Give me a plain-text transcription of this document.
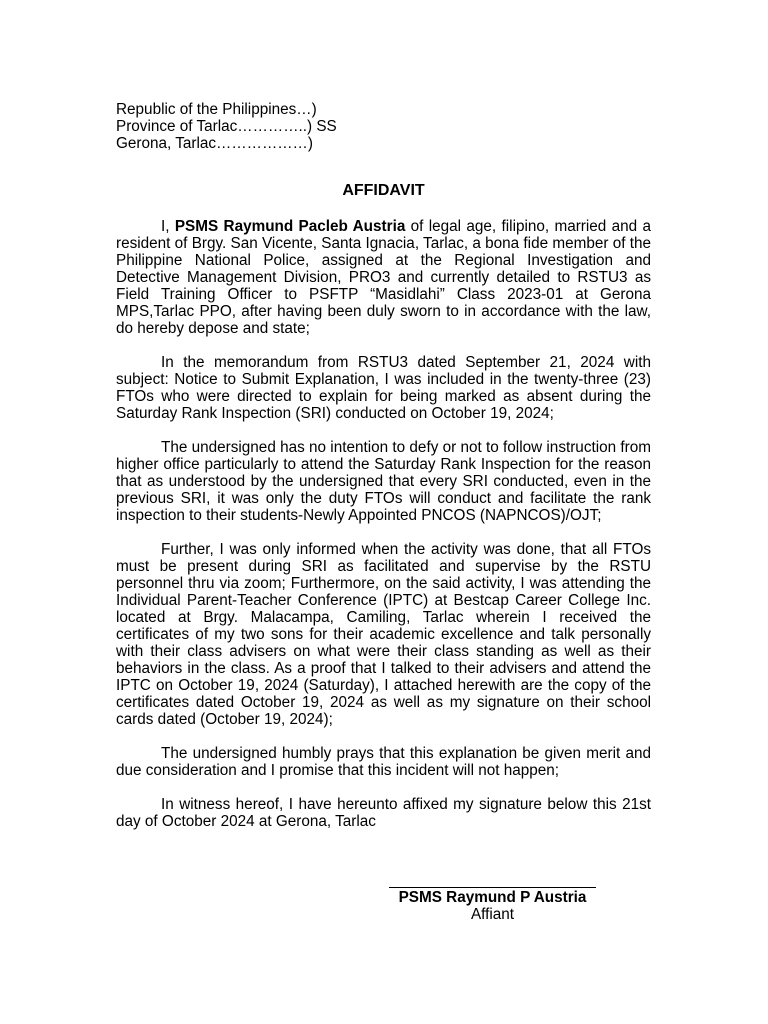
Republic of the Philippines…)
Province of Tarlac…………..) SS
Gerona, Tarlac………………)
AFFIDAVIT

I, PSMS Raymund Pacleb Austria of legal age, filipino, married and a resident of Brgy. San Vicente, Santa Ignacia, Tarlac, a bona fide member of the Philippine National Police, assigned at the Regional Investigation and Detective Management Division, PRO3 and currently detailed to RSTU3 as Field Training Officer to PSFTP “Masidlahi” Class 2023-01 at Gerona MPS,Tarlac PPO, after having been duly sworn to in accordance with the law, do hereby depose and state;

In the memorandum from RSTU3 dated September 21, 2024 with subject: Notice to Submit Explanation, I was included in the twenty-three (23) FTOs who were directed to explain for being marked as absent during the Saturday Rank Inspection (SRI) conducted on October 19, 2024;

The undersigned has no intention to defy or not to follow instruction from higher office particularly to attend the Saturday Rank Inspection for the reason that as understood by the undersigned that every SRI conducted, even in the previous SRI, it was only the duty FTOs will conduct and facilitate the rank inspection to their students-Newly Appointed PNCOS (NAPNCOS)/OJT;

Further, I was only informed when the activity was done, that all FTOs must be present during SRI as facilitated and supervise by the RSTU personnel thru via zoom; Furthermore, on the said activity, I was attending the Individual Parent-Teacher Conference (IPTC) at Bestcap Career College Inc. located at Brgy. Malacampa, Camiling, Tarlac wherein I received the certificates of my two sons for their academic excellence and talk personally with their class advisers on what were their class standing as well as their behaviors in the class. As a proof that I talked to their advisers and attend the IPTC on October 19, 2024 (Saturday), I attached herewith are the copy of the certificates dated October 19, 2024 as well as my signature on their school cards dated (October 19, 2024);

The undersigned humbly prays that this explanation be given merit and due consideration and I promise that this incident will not happen;

In witness hereof, I have hereunto affixed my signature below this 21st day of October 2024 at Gerona, Tarlac

PSMS Raymund P Austria
Affiant
